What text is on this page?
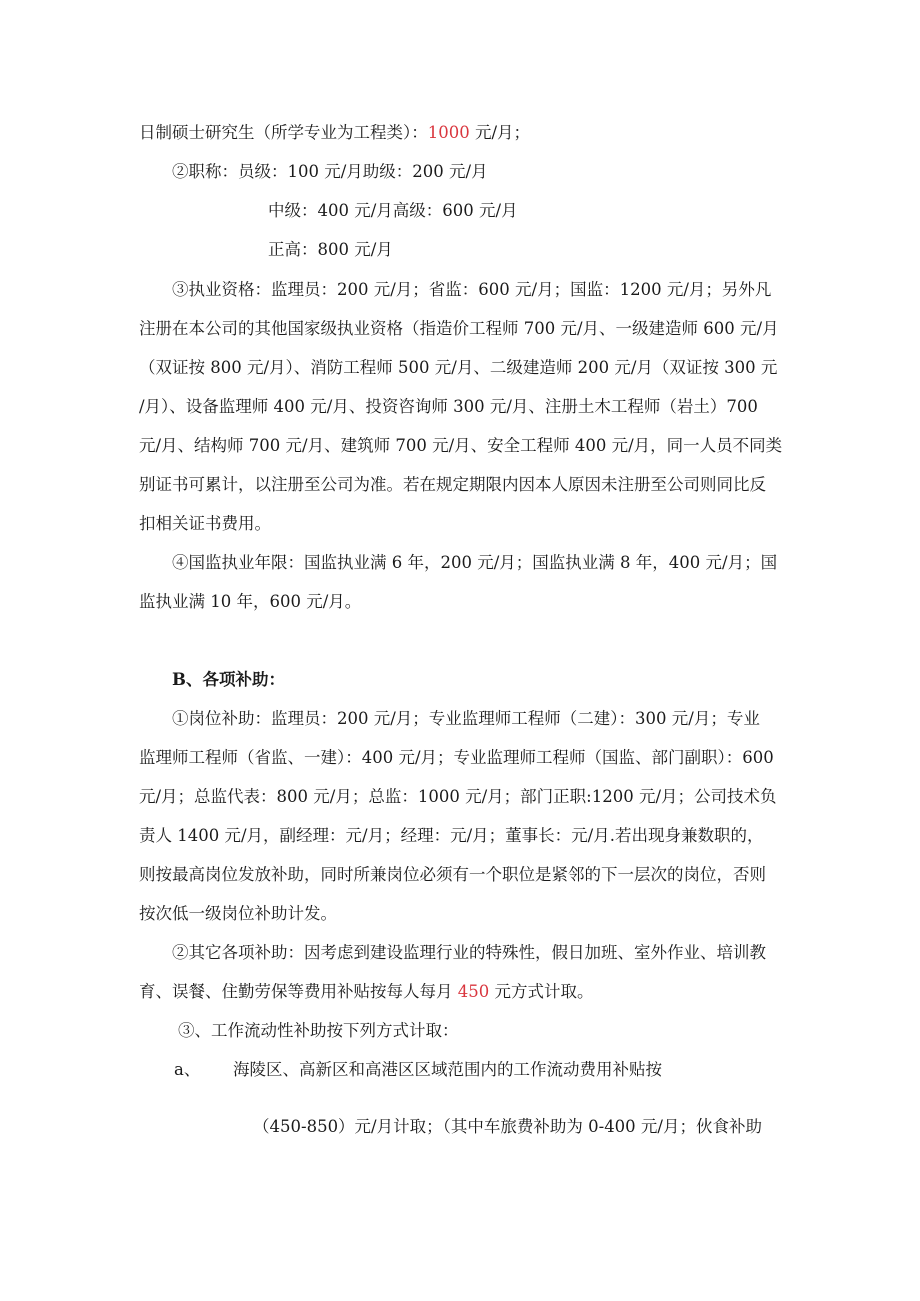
日制硕士研究生（所学专业为工程类）：1000 元/月；
②职称：员级：100 元/月助级：200 元/月
中级：400 元/月高级：600 元/月
正高：800 元/月
③执业资格：监理员：200 元/月；省监：600 元/月；国监：1200 元/月；另外凡
注册在本公司的其他国家级执业资格（指造价工程师 700 元/月、一级建造师 600 元/月
（双证按 800 元/月）、消防工程师 500 元/月、二级建造师 200 元/月（双证按 300 元
/月）、设备监理师 400 元/月、投资咨询师 300 元/月、注册土木工程师（岩土）700
元/月、结构师 700 元/月、建筑师 700 元/月、安全工程师 400 元/月，同一人员不同类
别证书可累计，以注册至公司为准。若在规定期限内因本人原因未注册至公司则同比反
扣相关证书费用。
④国监执业年限：国监执业满 6 年，200 元/月；国监执业满 8 年，400 元/月；国
监执业满 10 年，600 元/月。
B、各项补助：
①岗位补助：监理员：200 元/月；专业监理师工程师（二建）：300 元/月；专业
监理师工程师（省监、一建）：400 元/月；专业监理师工程师（国监、部门副职）：600
元/月；总监代表：800 元/月；总监：1000 元/月；部门正职:1200 元/月；公司技术负
责人 1400 元/月，副经理：元/月；经理：元/月；董事长：元/月.若出现身兼数职的，
则按最高岗位发放补助，同时所兼岗位必须有一个职位是紧邻的下一层次的岗位，否则
按次低一级岗位补助计发。
②其它各项补助：因考虑到建设监理行业的特殊性，假日加班、室外作业、培训教
育、误餐、住勤劳保等费用补贴按每人每月 450 元方式计取。
③、工作流动性补助按下列方式计取：
a、 海陵区、高新区和高港区区域范围内的工作流动费用补贴按
（450-850）元/月计取；（其中车旅费补助为 0-400 元/月；伙食补助
